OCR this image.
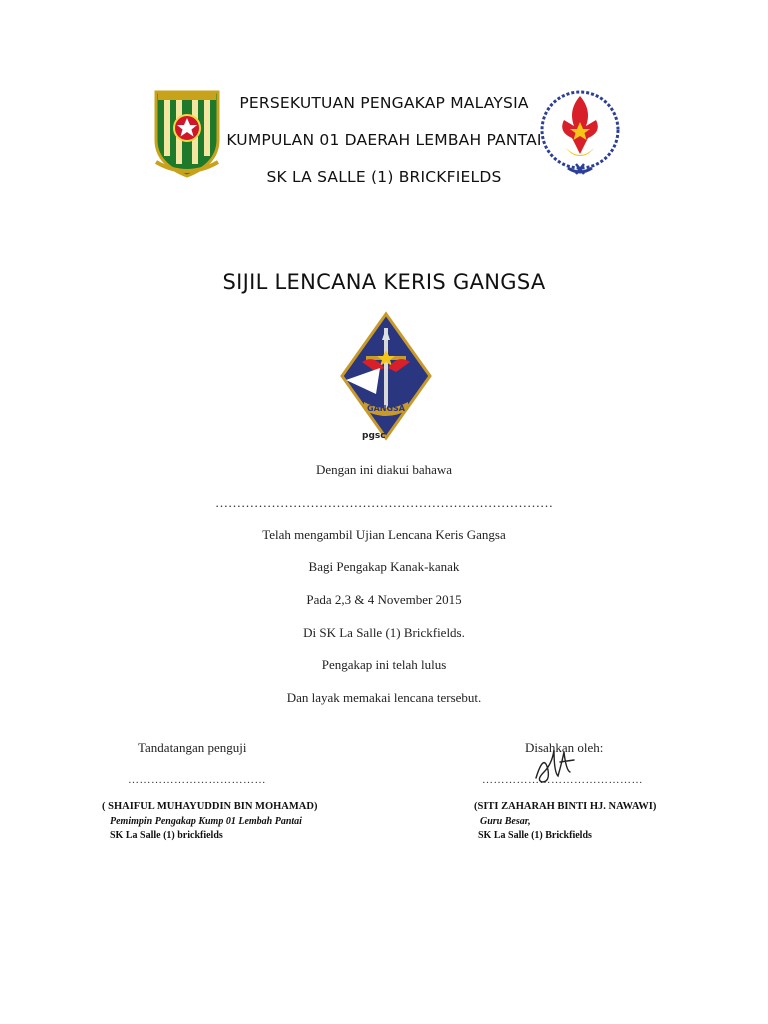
PERSEKUTUAN PENGAKAP MALAYSIA
KUMPULAN 01 DAERAH LEMBAH PANTAI
SK LA SALLE (1) BRICKFIELDS
SIJIL LENCANA KERIS GANGSA
GANGSA
pgsc
Dengan ini diakui bahawa
……………………………………………………………………
Telah mengambil Ujian Lencana Keris Gangsa
Bagi Pengakap Kanak-kanak
Pada 2,3 & 4 November 2015
Di SK La Salle (1) Brickfields.
Pengakap ini telah lulus
Dan layak memakai lencana tersebut.
Tandatangan penguji
………………………………
( SHAIFUL MUHAYUDDIN BIN MOHAMAD)
Pemimpin Pengakap Kump 01 Lembah Pantai
SK La Salle (1) brickfields
Disahkan oleh:
……………………………………
(SITI ZAHARAH BINTI HJ. NAWAWI)
Guru Besar,
SK La Salle (1) Brickfields
